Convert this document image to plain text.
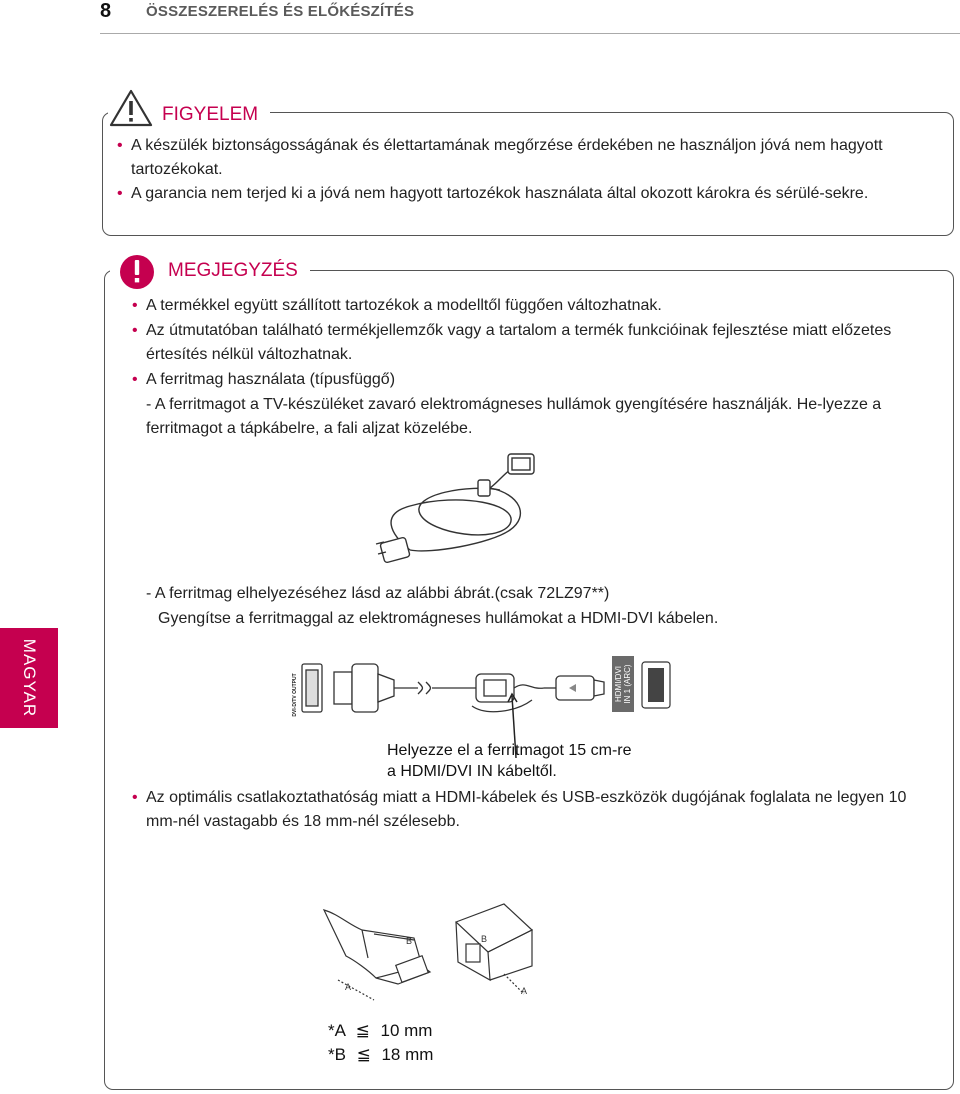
8 ÖSSZESZERELÉS ÉS ELŐKÉSZÍTÉS
MAGYAR
FIGYELEM
• A készülék biztonságosságának és élettartamának megőrzése érdekében ne használjon jóvá nem hagyott tartozékokat.
• A garancia nem terjed ki a jóvá nem hagyott tartozékok használata által okozott károkra és sérülé-sekre.
MEGJEGYZÉS
• A termékkel együtt szállított tartozékok a modelltől függően változhatnak.
• Az útmutatóban található termékjellemzők vagy a tartalom a termék funkcióinak fejlesztése miatt előzetes értesítés nélkül változhatnak.
• A ferritmag használata (típusfüggő)
- A ferritmagot a TV-készüléket zavaró elektromágneses hullámok gyengítésére használják. He-lyezze a ferritmagot a tápkábelre, a fali aljzat közelébe.
- A ferritmag elhelyezéséhez lásd az alábbi ábrát.(csak 72LZ97**)
Gyengítse a ferritmaggal az elektromágneses hullámokat a HDMI-DVI kábelen.
DVI-D/TV OUTPUT	HDMI/DVI IN 1 (ARC)
Helyezze el a ferritmagot 15 cm-re
a HDMI/DVI IN kábeltől.
• Az optimális csatlakoztathatóság miatt a HDMI-kábelek és USB-eszközök dugójának foglalata ne legyen 10 mm-nél vastagabb és 18 mm-nél szélesebb.
A
B	B
A
*A ≦ 10 mm
*B ≦ 18 mm
